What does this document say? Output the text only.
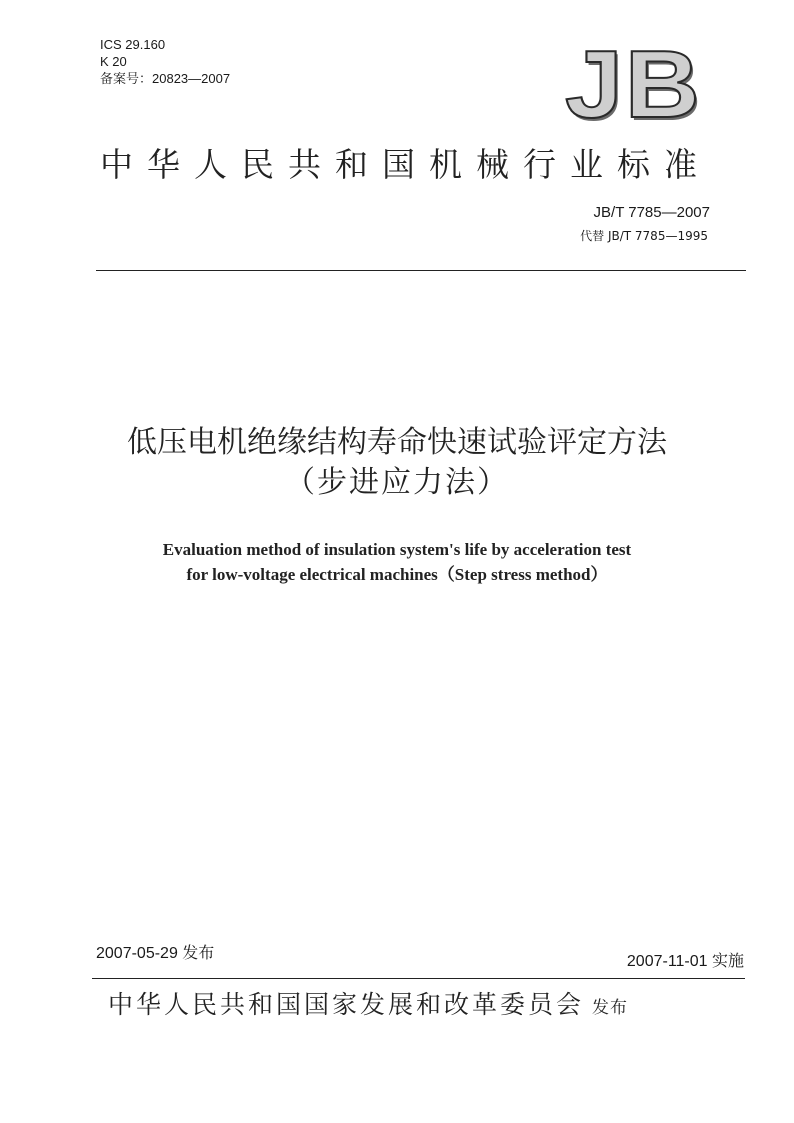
ICS 29.160
K 20
备案号：20823—2007	JB
中华人民共和国机械行业标准
JB/T 7785—2007
代替 JB/T 7785—1995
低压电机绝缘结构寿命快速试验评定方法
（步进应力法）
Evaluation method of insulation system's life by acceleration test
for low-voltage electrical machines（Step stress method）
2007-05-29 发布	2007-11-01 实施
中华人民共和国国家发展和改革委员会 发布
